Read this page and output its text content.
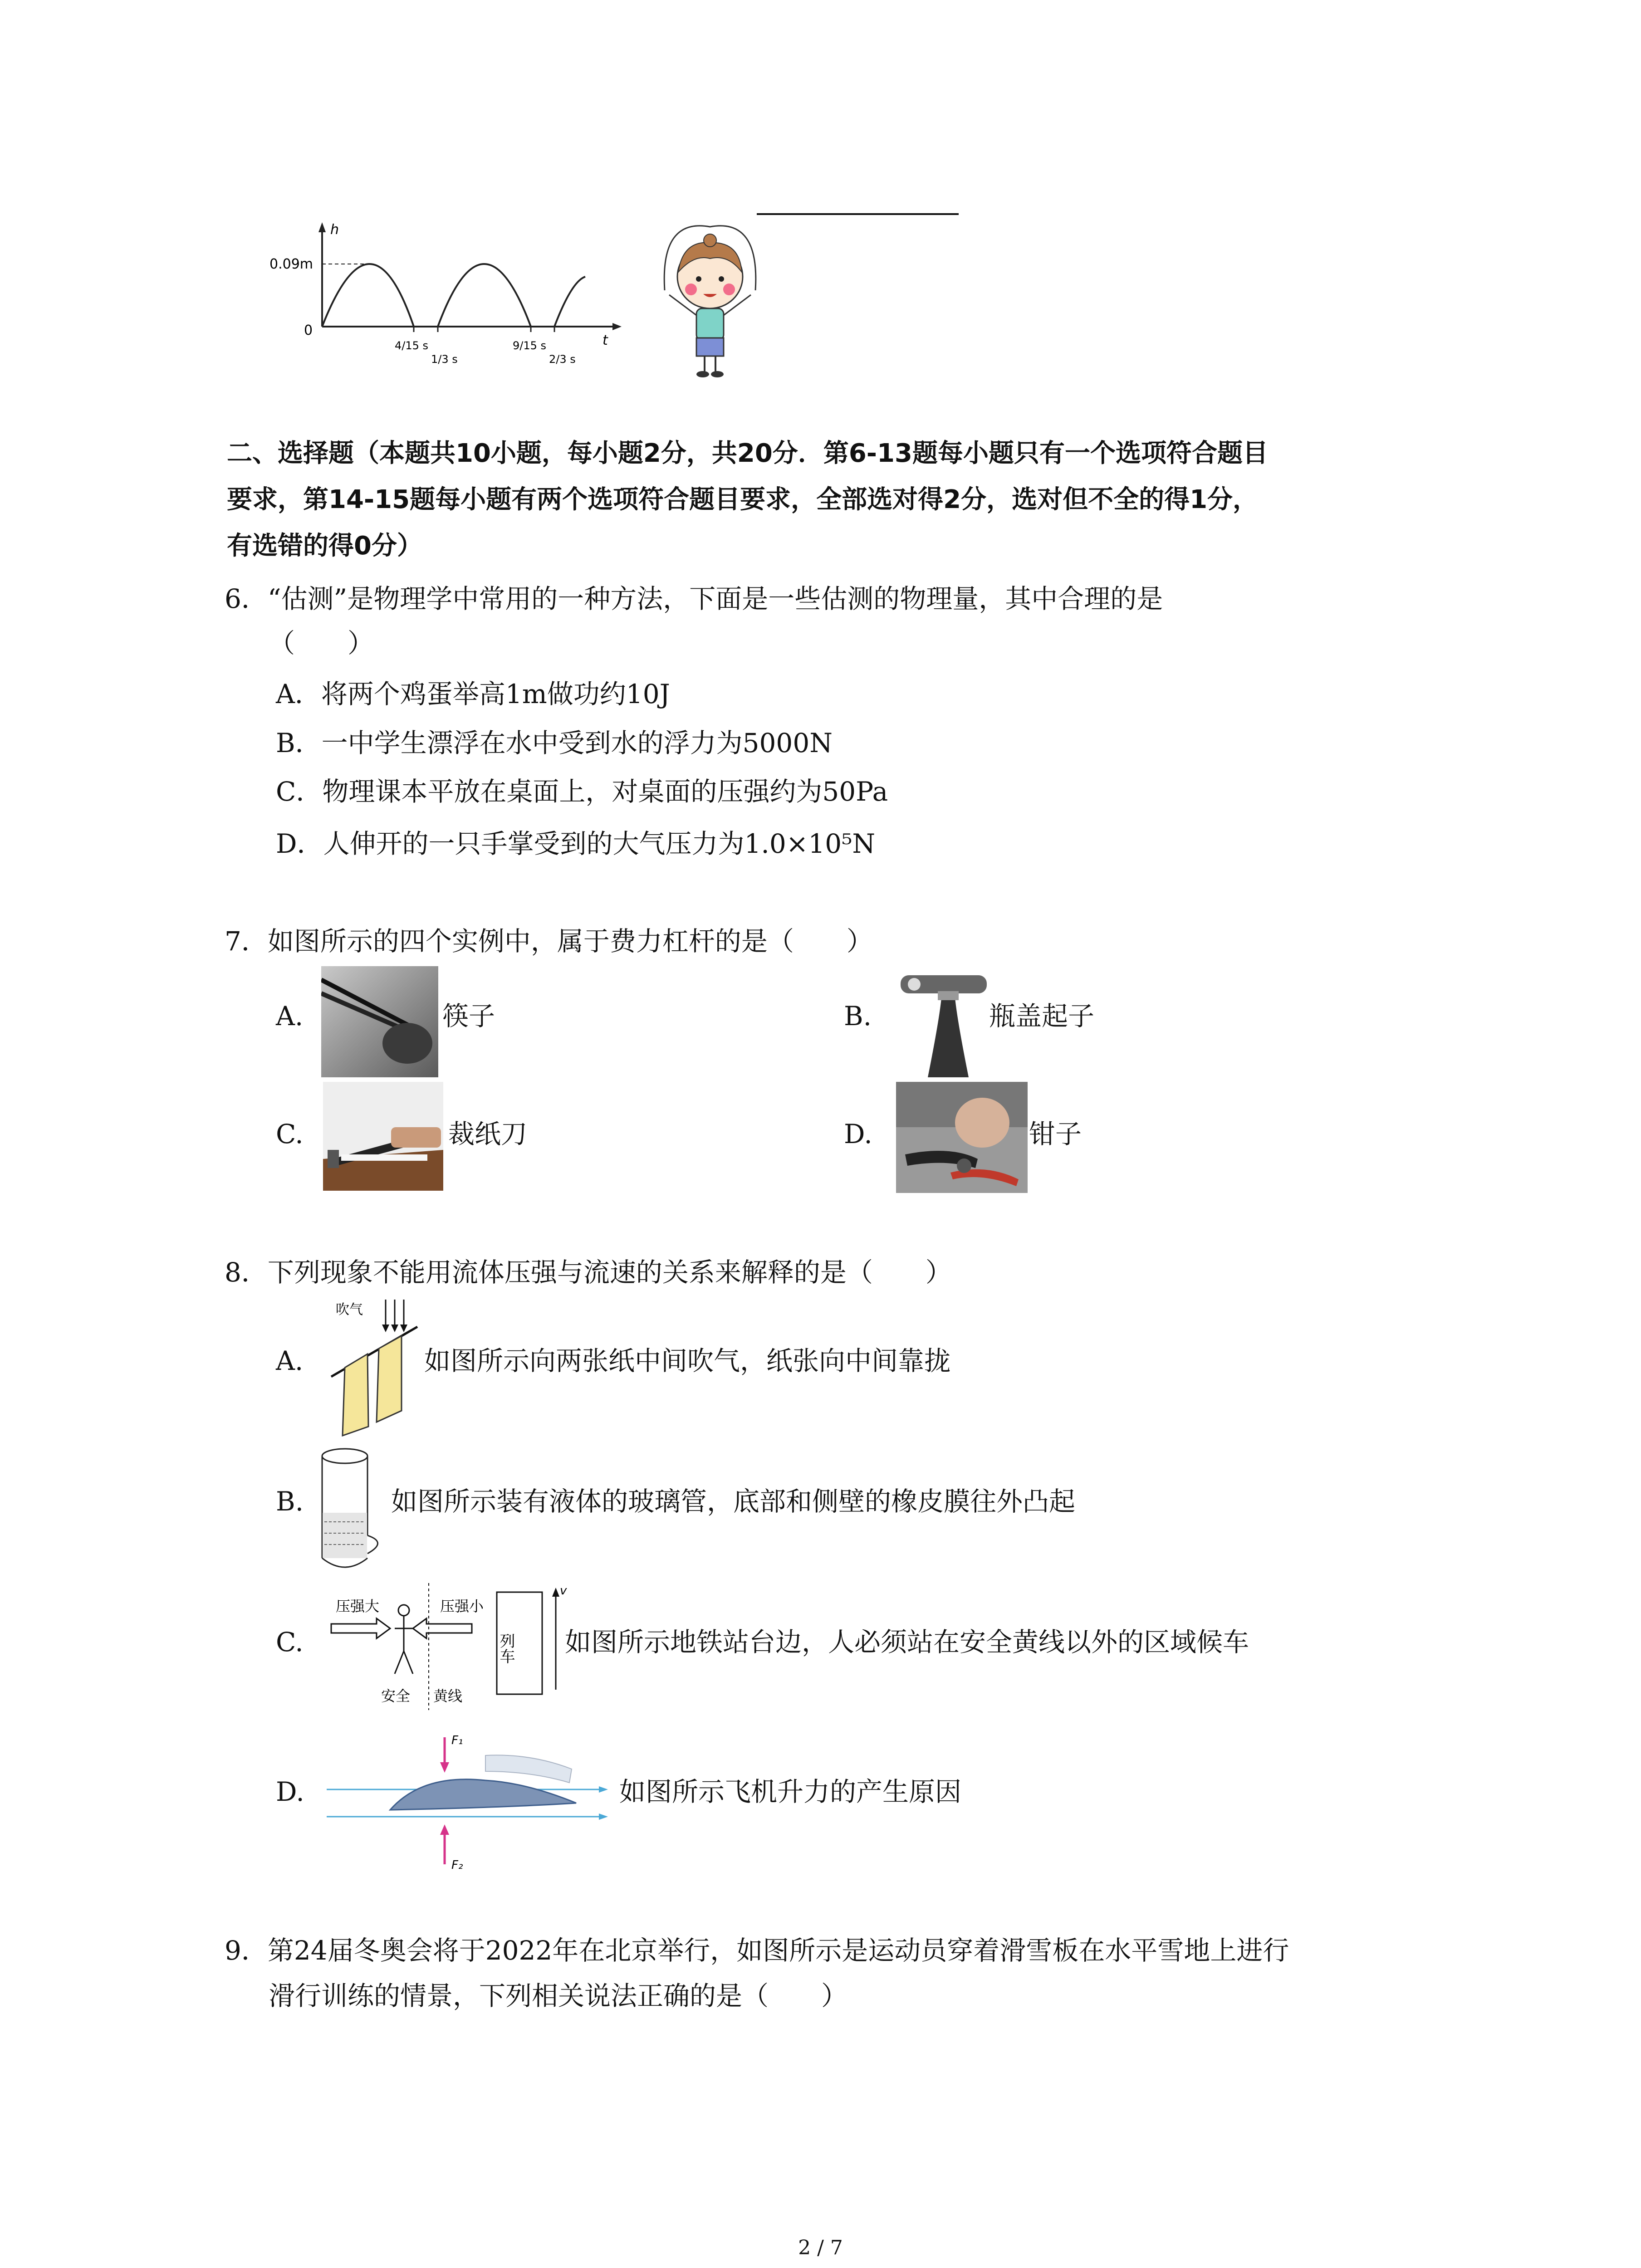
h
t
0.09m
0
4/15 s
1/3 s
9/15 s
2/3 s
二、选择题（本题共10小题，每小题2分，共20分．第6-13题每小题只有一个选项符合题目
要求，第14-15题每小题有两个选项符合题目要求，全部选对得2分，选对但不全的得1分，
有选错的得0分）
6．“估测”是物理学中常用的一种方法，下面是一些估测的物理量，其中合理的是
（　　）
A．将两个鸡蛋举高1m做功约10J
B．一中学生漂浮在水中受到水的浮力为5000N
C．物理课本平放在桌面上，对桌面的压强约为50Pa
D．人伸开的一只手掌受到的大气压力为1.0×10⁵N
7．如图所示的四个实例中，属于费力杠杆的是（　　）
A.	筷子	B.	瓶盖起子
C.	裁纸刀	D.	钳子
8．下列现象不能用流体压强与流速的关系来解释的是（　　）
A.
吹气
如图所示向两张纸中间吹气，纸张向中间靠拢
B.	如图所示装有液体的玻璃管，底部和侧壁的橡皮膜往外凸起
C.
压强大	压强小
安全 黄线
列车
v
如图所示地铁站台边，人必须站在安全黄线以外的区域候车
D.
F₁
F₂
如图所示飞机升力的产生原因
9．第24届冬奥会将于2022年在北京举行，如图所示是运动员穿着滑雪板在水平雪地上进行
滑行训练的情景，下列相关说法正确的是（　　）
2 / 7
